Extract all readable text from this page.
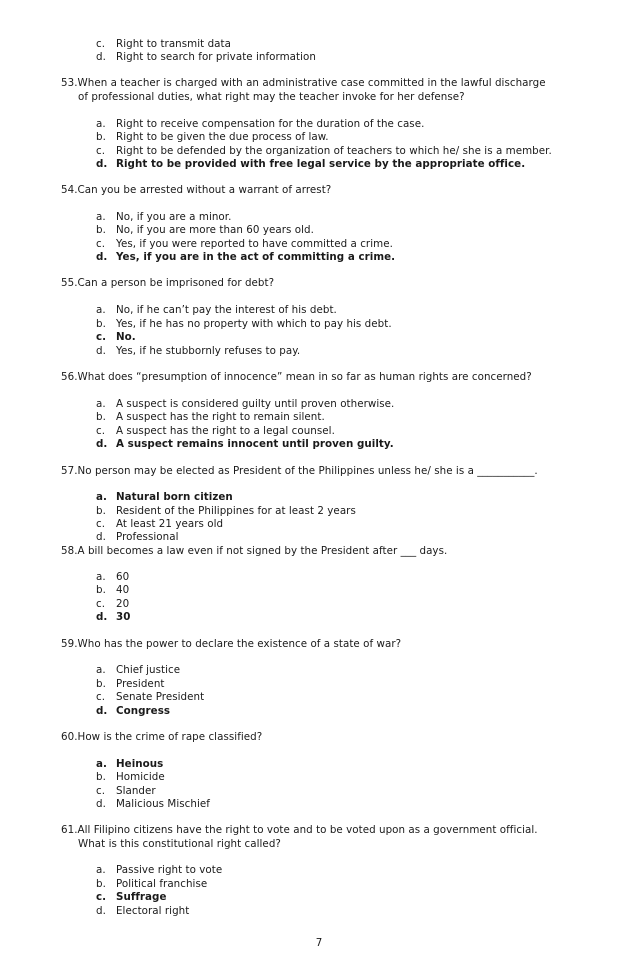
c. Right to transmit data
d. Right to search for private information
53.When a teacher is charged with an administrative case committed in the lawful discharge
of professional duties, what right may the teacher invoke for her defense?
a. Right to receive compensation for the duration of the case.
b. Right to be given the due process of law.
c. Right to be defended by the organization of teachers to which he/ she is a member.
d. Right to be provided with free legal service by the appropriate office.
54.Can you be arrested without a warrant of arrest?
a. No, if you are a minor.
b. No, if you are more than 60 years old.
c. Yes, if you were reported to have committed a crime.
d. Yes, if you are in the act of committing a crime.
55.Can a person be imprisoned for debt?
a. No, if he can’t pay the interest of his debt.
b. Yes, if he has no property with which to pay his debt.
c. No.
d. Yes, if he stubbornly refuses to pay.
56.What does “presumption of innocence” mean in so far as human rights are concerned?
a. A suspect is considered guilty until proven otherwise.
b. A suspect has the right to remain silent.
c. A suspect has the right to a legal counsel.
d. A suspect remains innocent until proven guilty.
57.No person may be elected as President of the Philippines unless he/ she is a ___________.
a. Natural born citizen
b. Resident of the Philippines for at least 2 years
c. At least 21 years old
d. Professional
58.A bill becomes a law even if not signed by the President after ___ days.
a. 60
b. 40
c. 20
d. 30
59.Who has the power to declare the existence of a state of war?
a. Chief justice
b. President
c. Senate President
d. Congress
60.How is the crime of rape classified?
a. Heinous
b. Homicide
c. Slander
d. Malicious Mischief
61.All Filipino citizens have the right to vote and to be voted upon as a government official.
What is this constitutional right called?
a. Passive right to vote
b. Political franchise
c. Suffrage
d. Electoral right
7
